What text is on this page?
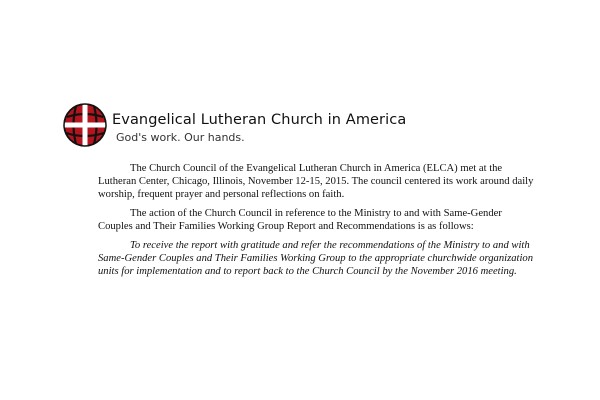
Evangelical Lutheran Church in America
God's work. Our hands.

The Church Council of the Evangelical Lutheran Church in America (ELCA) met at the Lutheran Center, Chicago, Illinois, November 12-15, 2015. The council centered its work around daily worship, frequent prayer and personal reflections on faith.

The action of the Church Council in reference to the Ministry to and with Same-Gender Couples and Their Families Working Group Report and Recommendations is as follows:

To receive the report with gratitude and refer the recommendations of the Ministry to and with Same-Gender Couples and Their Families Working Group to the appropriate churchwide organization units for implementation and to report back to the Church Council by the November 2016 meeting.
